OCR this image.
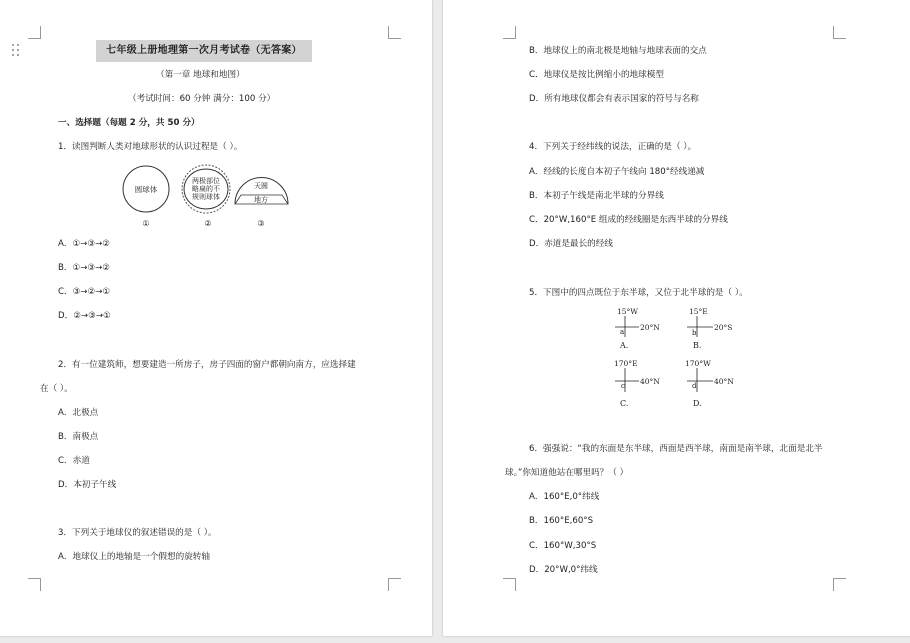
七年级上册地理第一次月考试卷（无答案）
（第一章 地球和地图）
（考试时间：60 分钟 满分：100 分）
一、选择题（每题 2 分，共 50 分）
1．读图判断人类对地球形状的认识过程是（ ）。
圆球体
两极部位
略扁的不
规则球体
天圆
地方
①	②	③
A．①→③→②
B．①→③→②
C．③→②→①
D．②→③→①
2．有一位建筑师，想要建造一所房子，房子四面的窗户都朝向南方，应选择建
在（ ）。
A．北极点
B．南极点
C．赤道
D．本初子午线
3．下列关于地球仪的叙述错误的是（ ）。
A．地球仪上的地轴是一个假想的旋转轴
B．地球仪上的南北极是地轴与地球表面的交点
C．地球仪是按比例缩小的地球模型
D．所有地球仪都会有表示国家的符号与名称
4．下列关于经纬线的说法，正确的是（ ）。
A．经线的长度自本初子午线向 180°经线递减
B．本初子午线是南北半球的分界线
C．20°W,160°E 组成的经线圈是东西半球的分界线
D．赤道是最长的经线
5．下图中的四点既位于东半球，又位于北半球的是（ ）。
15°W
20°N
a
A.
15°E
20°S
b
B.
170°E
40°N
c
C.
170°W
40°N
d
D.
6．强强说：“我的东面是东半球，西面是西半球，南面是南半球，北面是北半
球。”你知道他站在哪里吗？（ ）
A．160°E,0°纬线
B．160°E,60°S
C．160°W,30°S
D．20°W,0°纬线
